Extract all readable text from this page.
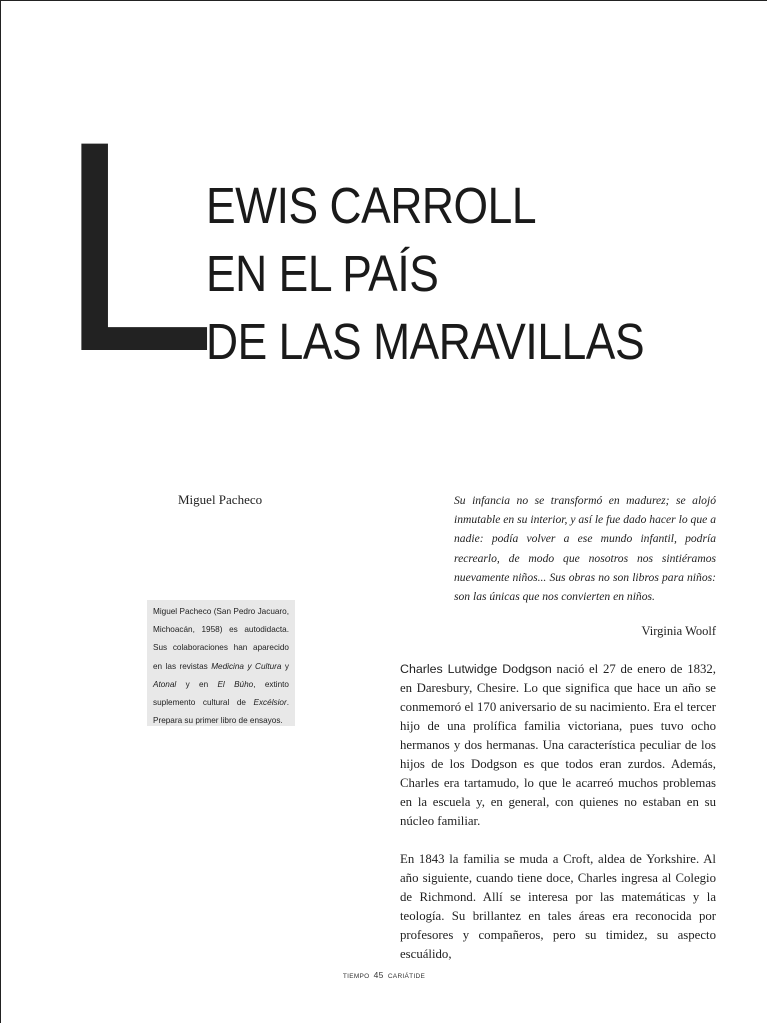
L
EWIS CARROLL
EN EL PAÍS
DE LAS MARAVILLAS
Miguel Pacheco
Miguel Pacheco (San Pedro Jacuaro, Michoacán, 1958) es autodidacta. Sus colaboraciones han aparecido en las revistas Medicina y Cultura y Atonal y en El Búho, extinto suplemento cultural de Excélsior. Prepara su primer libro de ensayos.
Su infancia no se transformó en madurez; se alojó inmutable en su interior, y así le fue dado hacer lo que a nadie: podía volver a ese mundo infantil, podría recrearlo, de modo que nosotros nos sintiéramos nuevamente niños... Sus obras no son libros para niños: son las únicas que nos convierten en niños.
Virginia Woolf

Charles Lutwidge Dodgson nació el 27 de enero de 1832, en Daresbury, Chesire. Lo que significa que hace un año se conmemoró el 170 aniversario de su nacimiento. Era el tercer hijo de una prolífica familia victoriana, pues tuvo ocho hermanos y dos hermanas. Una característica peculiar de los hijos de los Dodgson es que todos eran zurdos. Además, Charles era tartamudo, lo que le acarreó muchos problemas en la escuela y, en general, con quienes no estaban en su núcleo familiar.

En 1843 la familia se muda a Croft, aldea de Yorkshire. Al año siguiente, cuando tiene doce, Charles ingresa al Colegio de Richmond. Allí se interesa por las matemáticas y la teología. Su brillantez en tales áreas era reconocida por profesores y compañeros, pero su timidez, su aspecto escuálido,

TIEMPO 45 CARIÁTIDE
